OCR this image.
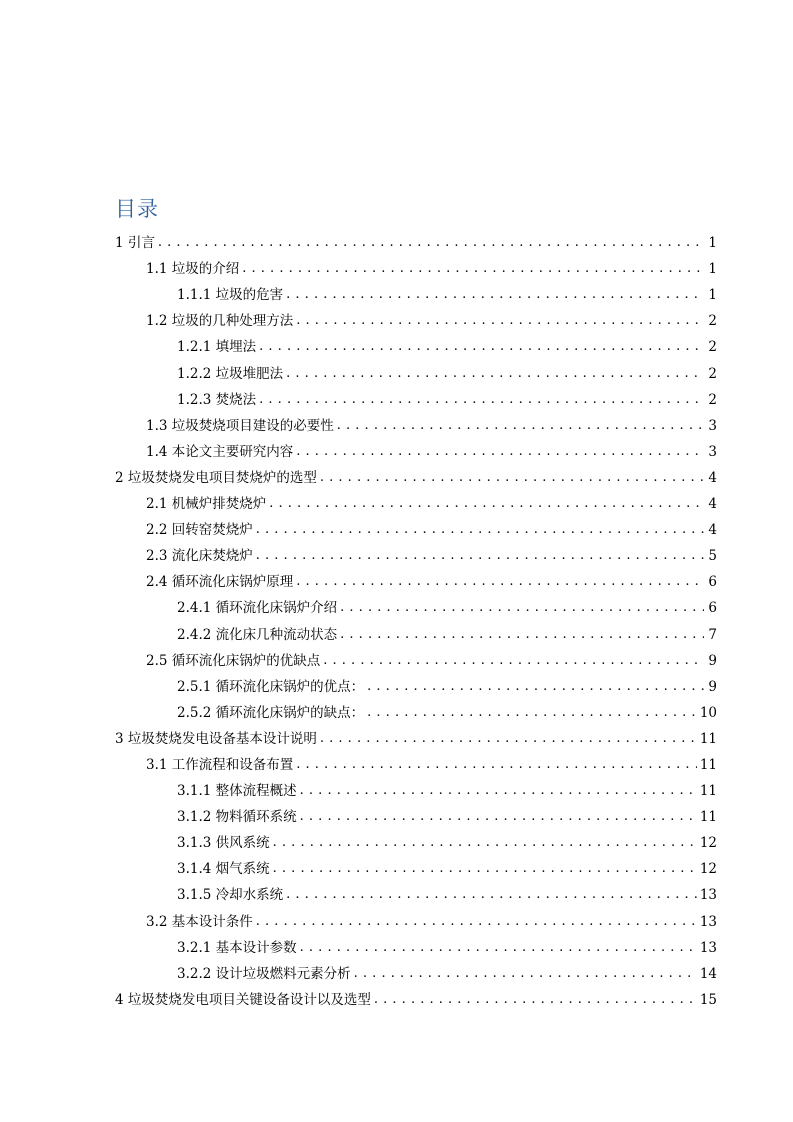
目录
1 引言 . . .	1
1.1 垃圾的介绍 . . .	1
1.1.1 垃圾的危害 . . .	1
1.2 垃圾的几种处理方法 . . .	2
1.2.1 填埋法 . . .	2
1.2.2 垃圾堆肥法 . . .	2
1.2.3 焚烧法 . . .	2
1.3 垃圾焚烧项目建设的必要性 . . .	3
1.4 本论文主要研究内容 . . .	3
2 垃圾焚烧发电项目焚烧炉的选型 . . .	4
2.1 机械炉排焚烧炉 . . .	4
2.2 回转窑焚烧炉 . . .	4
2.3 流化床焚烧炉 . . .	5
2.4 循环流化床锅炉原理 . . .	6
2.4.1 循环流化床锅炉介绍 . . .	6
2.4.2 流化床几种流动状态 . . .	7
2.5 循环流化床锅炉的优缺点 . . .	9
2.5.1 循环流化床锅炉的优点： . . .	9
2.5.2 循环流化床锅炉的缺点： . . .	10
3 垃圾焚烧发电设备基本设计说明 . . .	11
3.1 工作流程和设备布置 . . .	11
3.1.1 整体流程概述 . . .	11
3.1.2 物料循环系统 . . .	11
3.1.3 供风系统 . . .	12
3.1.4 烟气系统 . . .	12
3.1.5 冷却水系统 . . .	13
3.2 基本设计条件 . . .	13
3.2.1 基本设计参数 . . .	13
3.2.2 设计垃圾燃料元素分析 . . .	14
4 垃圾焚烧发电项目关键设备设计以及选型 . . .	15
